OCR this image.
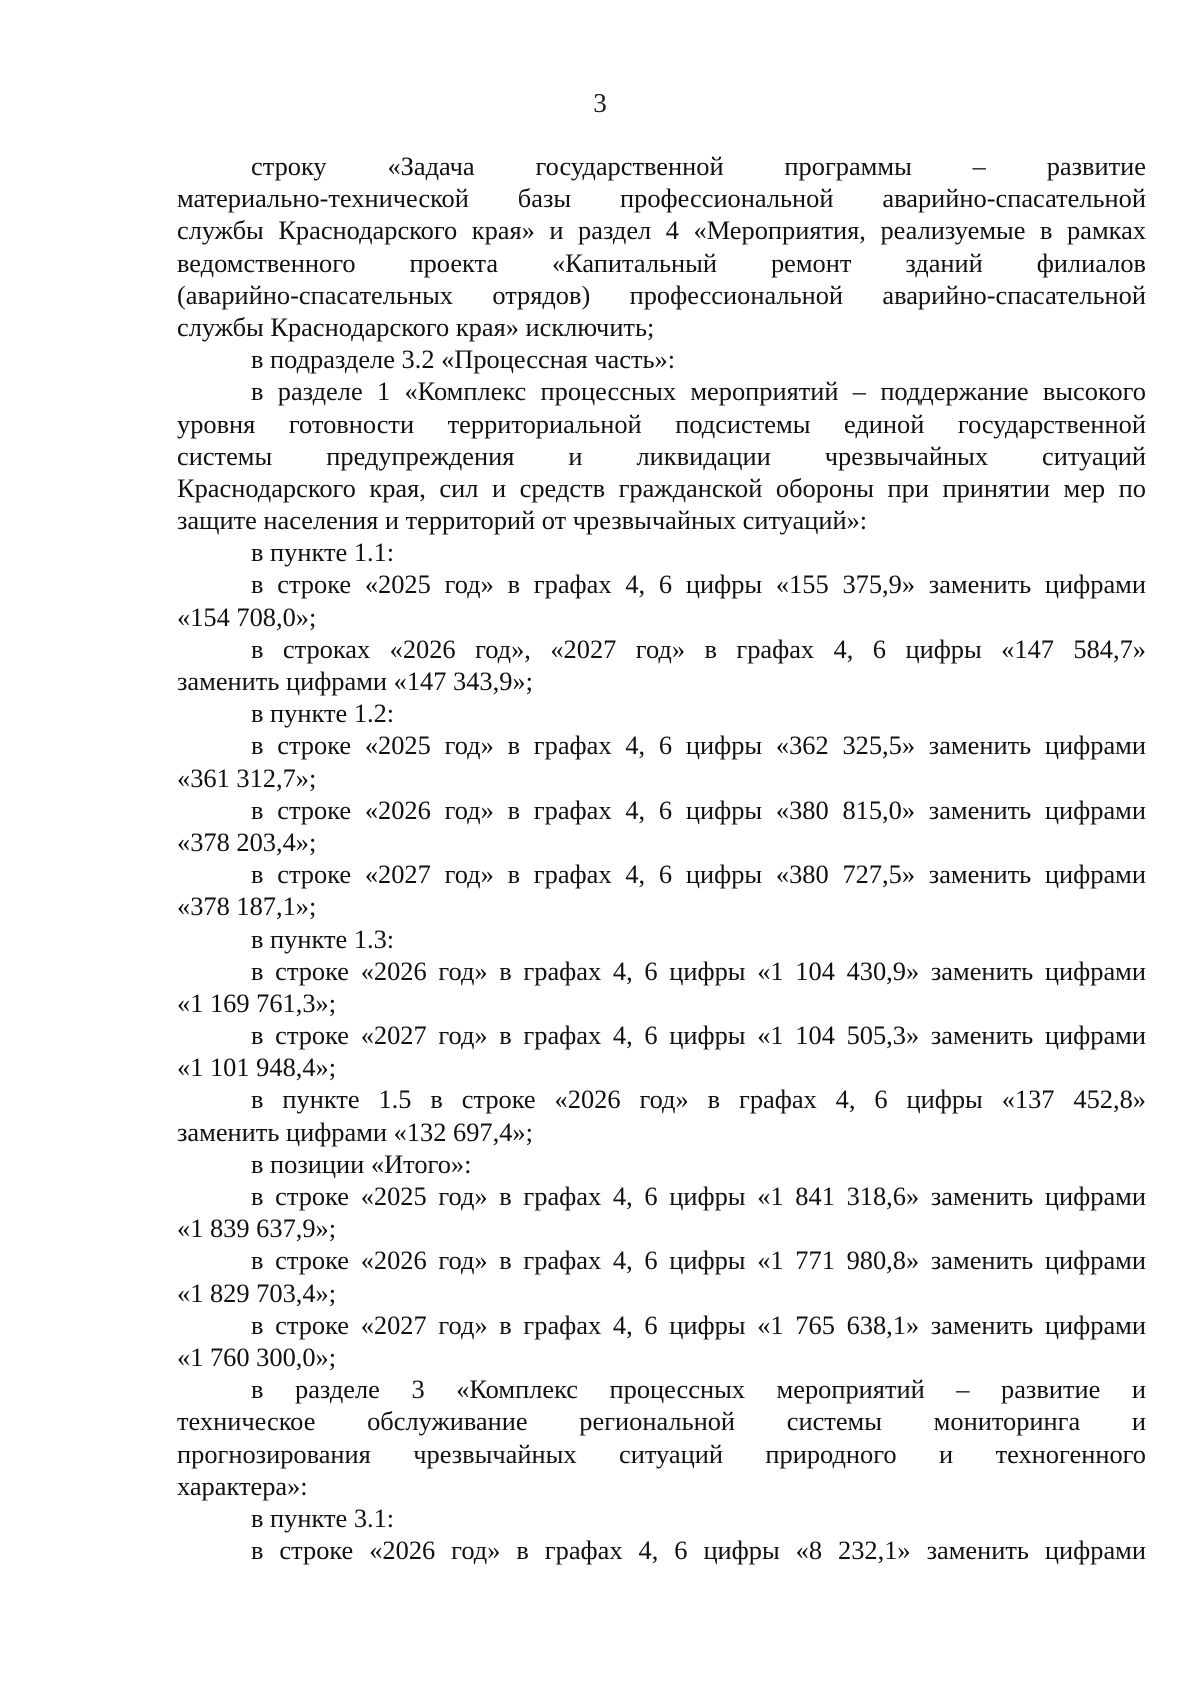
3
строку «Задача государственной программы – развитие
материально-технической базы профессиональной аварийно-спасательной
службы Краснодарского края» и раздел 4 «Мероприятия, реализуемые в рамках
ведомственного проекта «Капитальный ремонт зданий филиалов
(аварийно-спасательных отрядов) профессиональной аварийно-спасательной
службы Краснодарского края» исключить;
в подразделе 3.2 «Процессная часть»:
в разделе 1 «Комплекс процессных мероприятий – поддержание высокого
уровня готовности территориальной подсистемы единой государственной
системы предупреждения и ликвидации чрезвычайных ситуаций
Краснодарского края, сил и средств гражданской обороны при принятии мер по
защите населения и территорий от чрезвычайных ситуаций»:
в пункте 1.1:
в строке «2025 год» в графах 4, 6 цифры «155 375,9» заменить цифрами
«154 708,0»;
в строках «2026 год», «2027 год» в графах 4, 6 цифры «147 584,7»
заменить цифрами «147 343,9»;
в пункте 1.2:
в строке «2025 год» в графах 4, 6 цифры «362 325,5» заменить цифрами
«361 312,7»;
в строке «2026 год» в графах 4, 6 цифры «380 815,0» заменить цифрами
«378 203,4»;
в строке «2027 год» в графах 4, 6 цифры «380 727,5» заменить цифрами
«378 187,1»;
в пункте 1.3:
в строке «2026 год» в графах 4, 6 цифры «1 104 430,9» заменить цифрами
«1 169 761,3»;
в строке «2027 год» в графах 4, 6 цифры «1 104 505,3» заменить цифрами
«1 101 948,4»;
в пункте 1.5 в строке «2026 год» в графах 4, 6 цифры «137 452,8»
заменить цифрами «132 697,4»;
в позиции «Итого»:
в строке «2025 год» в графах 4, 6 цифры «1 841 318,6» заменить цифрами
«1 839 637,9»;
в строке «2026 год» в графах 4, 6 цифры «1 771 980,8» заменить цифрами
«1 829 703,4»;
в строке «2027 год» в графах 4, 6 цифры «1 765 638,1» заменить цифрами
«1 760 300,0»;
в разделе 3 «Комплекс процессных мероприятий – развитие и
техническое обслуживание региональной системы мониторинга и
прогнозирования чрезвычайных ситуаций природного и техногенного
характера»:
в пункте 3.1:
в строке «2026 год» в графах 4, 6 цифры «8 232,1» заменить цифрами
